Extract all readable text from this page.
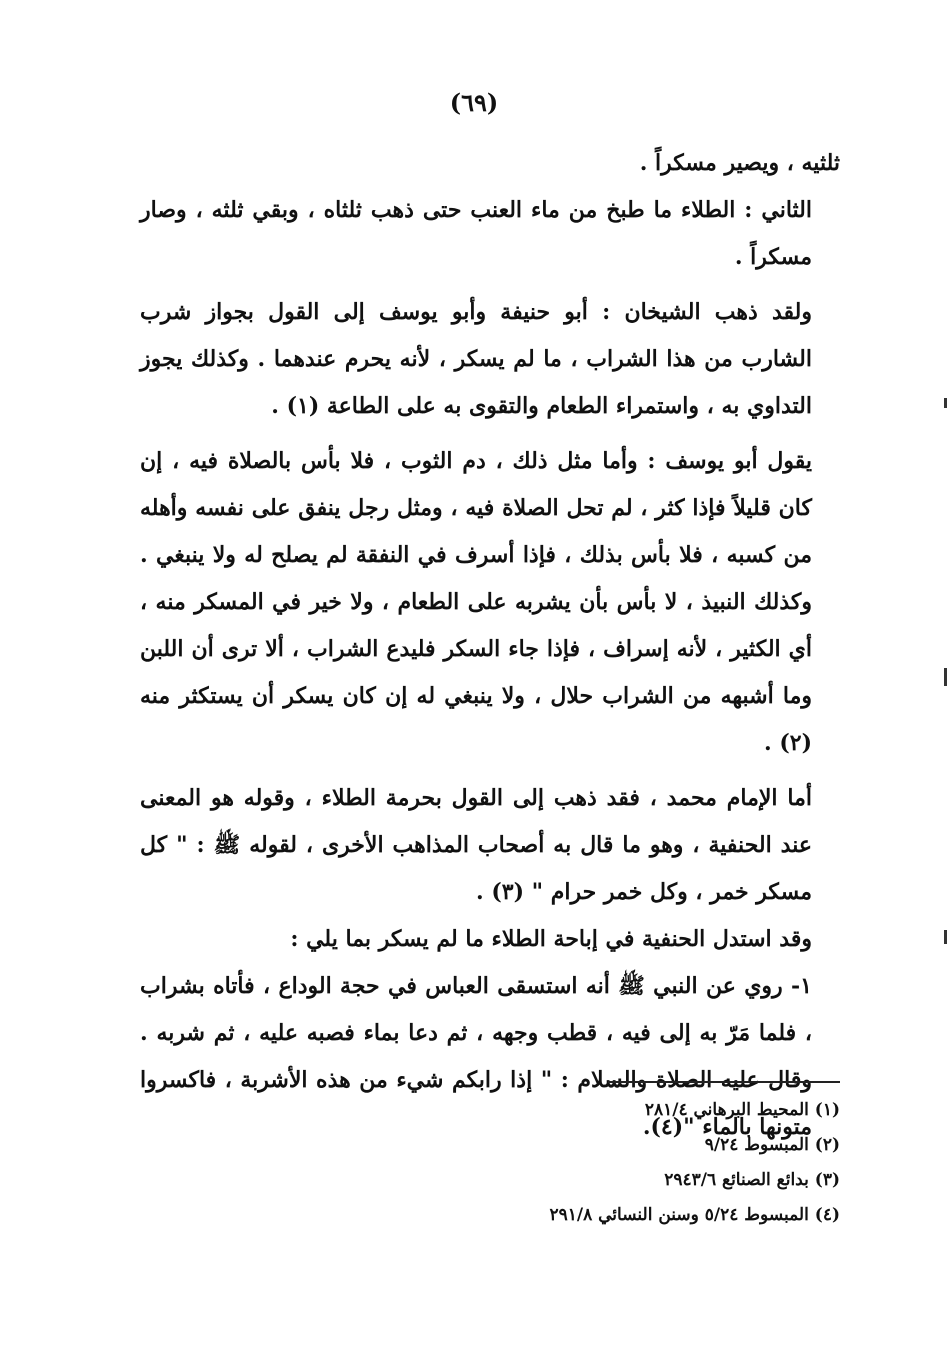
(٦٩)

ثلثيه ، ويصير مسكراً .

الثاني : الطلاء ما طبخ من ماء العنب حتى ذهب ثلثاه ، وبقي ثلثه ، وصار مسكراً .

ولقد ذهب الشيخان : أبو حنيفة وأبو يوسف إلى القول بجواز شرب الشارب من هذا الشراب ، ما لم يسكر ، لأنه يحرم عندهما . وكذلك يجوز التداوي به ، واستمراء الطعام والتقوى به على الطاعة (١) .

يقول أبو يوسف : وأما مثل ذلك ، دم الثوب ، فلا بأس بالصلاة فيه ، إن كان قليلاً فإذا كثر ، لم تحل الصلاة فيه ، ومثل رجل ينفق على نفسه وأهله من كسبه ، فلا بأس بذلك ، فإذا أسرف في النفقة لم يصلح له ولا ينبغي . وكذلك النبيذ ، لا بأس بأن يشربه على الطعام ، ولا خير في المسكر منه ، أي الكثير ، لأنه إسراف ، فإذا جاء السكر فليدع الشراب ، ألا ترى أن اللبن وما أشبهه من الشراب حلال ، ولا ينبغي له إن كان يسكر أن يستكثر منه (٢) .

أما الإمام محمد ، فقد ذهب إلى القول بحرمة الطلاء ، وقوله هو المعنى عند الحنفية ، وهو ما قال به أصحاب المذاهب الأخرى ، لقوله ﷺ : " كل مسكر خمر ، وكل خمر حرام " (٣) .

وقد استدل الحنفية في إباحة الطلاء ما لم يسكر بما يلي :

١- روي عن النبي ﷺ أنه استسقى العباس في حجة الوداع ، فأتاه بشراب ، فلما مَرّ به إلى فيه ، قطب وجهه ، ثم دعا بماء فصبه عليه ، ثم شربه . وقال عليه الصلاة والسلام : " إذا رابكم شيء من هذه الأشربة ، فاكسروا متونها بالماء "(٤).

(١) المحيط البرهاني ٢٨١/٤

(٢) المبسوط ٩/٢٤

(٣) بدائع الصنائع ٢٩٤٣/٦

(٤) المبسوط ٥/٢٤ وسنن النسائي ٢٩١/٨
